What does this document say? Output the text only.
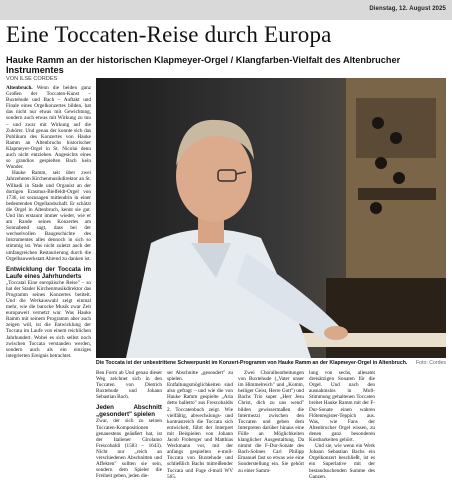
Dienstag, 12. August 2025
Eine Toccaten-Reise durch Europa
Hauke Ramm an der historischen Klapmeyer-Orgel / Klangfarben-Vielfalt des Altenbrucher Instrumentes
VON ILSE CORDES

Altenbruch. Wenn die beiden ganz Großen der Toccaten-Kunst – Buxtehude und Bach – Auftakt und Finale eines Orgelkonzertes bilden, hat das nicht nur etwas mit Gewichtung, sondern auch etwas mit Wirkung zu tun – und zwar mit Wirkung auf die Zuhörer. Und genau der konnte sich das Publikum des Konzertes von Hauke Ramm an Altenbruchs historischer Klapmeyer-Orgel in St. Nicolai denn auch nicht entziehen. Angesichts eines so grandios gespielten Bach kein Wunder.

Hauke Ramm, seit über zwei Jahrzehnten Kirchenmusikdirektor an St. Wilhadi in Stade und Organist an der dortigen Erasmus-Bielfeldt-Orgel von 1736, ist sozusagen mittendrin in einer bedeutenden Orgellandschaft. Er schätzt die Orgel in Altenbruch, kennt sie gut. Und ihn erstaunt immer wieder, wie er am Rande seines Konzertes am Sonnabend sagt, dass bei der wechselvollen Baugeschichte des Instrumentes alles dennoch in sich so stimmig ist. Was nicht zuletzt auch der umfangreichen Restaurierung durch die Orgelbauwerkstatt Ahrend zu danken ist.

Entwicklung der Toccata im Laufe eines Jahrhunderts

„Toccatal Eine europäische Reise" – so hat der Stader Kirchenmusikdirektor das Programm seines Konzertes betitelt. Und die Werkauswahl zeigt einmal mehr, wie die barocke Musik zwar Zeit europaweit vernetzt war. Was Hauke Ramm mit seinem Programm aber auch zeigen will, ist die Entwicklung der Toccata im Laufe von einem reichlichen Jahrhundert. Wobei es sich selbst noch zwischen Toccata verstanden werden, sondern auch als ein einziges integrierten Ereignis betrachtet.

Die Toccata ist der unbestrittene Schwerpunkt im Konzert-Programm von Hauke Ramm an der Klapmeyer-Orgel in Altenbruch. Foto: Cordes

Ben Form ab Und genau dieser Weg zeichnet sich in den Toccaten von Dietrich Buxtehude und Johann Sebastian Bach.

Jeden Abschnitt „gesondert" spielen

Zwar, der sich zu seinen Toccaten-Kompositionen genauestens geäußert hat, ist der Italiener Girolamo Frescobaldi (1583 – 1643). Nicht nur „reich an verschiedenen Abschnitten und Affekten" sollten sie sein, sondern dem Spieler die Freiheit geben, jeden die-

ser Abschnitte „gesondert" zu spielen. Entfaltungsmöglichkeiten sind also gefragt – und wie die von Hauke Ramm gespielte „Aria detto balletto" aus Frescobaldis 2. Toccatenbuch zeigt. Wie vielfältig, abwechslungs- und kontrastreich die Toccata sich entwickelt, führt der Interpret mit Beispielen von Johann Jacob Froberger und Matthias Weckmann vor, mit der anfangs gespielten e-moll-Toccata von Buxtehude und schließlich Bachs mitreißender Toccata und Fuge d-moll WV 565.

Zwei Choralbearbeitungen von Buxtehude („Vater unser im Himmelreich" und „Komm, heiliger Geist, Herre Gott") und Bachs Trio super „Herr Jesu Christ, dich zu uns wend" bilden gewissermaßen die Intermezzi zwischen den Toccaten und geben dem Interpreten darüber hinaus eine Fülle an Möglichkeiten klanglicher Ausgestaltung. Da nimmt die F-Dur-Sonate des Bach-Sohnes Carl Philipp Emanuel fast so etwas wie eine Sonderstellung ein. Sie gehört zu einer Samm-

lung von sechs, allesamt dreisätzigen Sonaten für die Orgel. Und nach den ausnahmslos in Moll-Stimmung gehaltenen Toccaten breitet Hauke Ramm mit der F-Dur-Sonate einen wahren Flötenregister-Teppich aus. Was, wie Fans der Altenbrucher Orgel wissen, zu denen ganz besonderen Kostbarkeiten gehört.

Und sie, wie wenn ein Werk Johann Sebastian Bachs ein Orgelkonzert beschließt, ist es ein Superlative mit der bestandsuchenden Summe des Ganzen.
